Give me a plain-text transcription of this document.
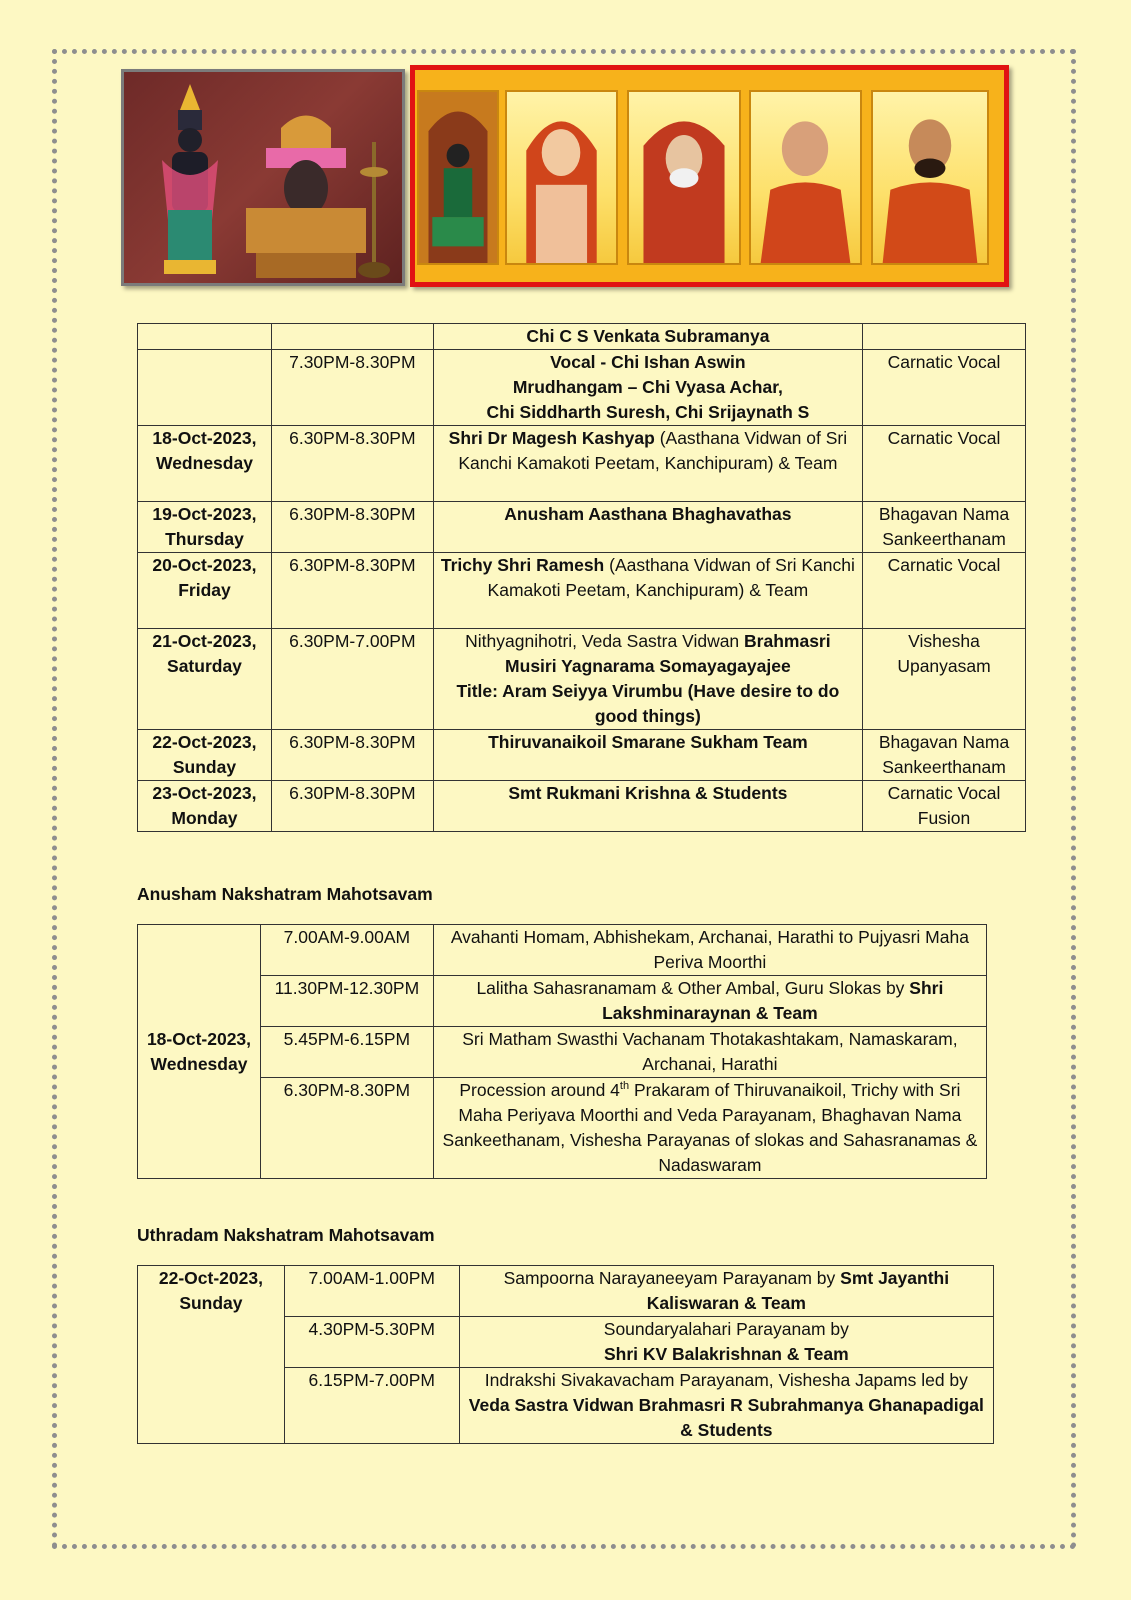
		Chi C S Venkata Subramanya	
	7.30PM-8.30PM	Vocal - Chi Ishan Aswin
Mrudhangam – Chi Vyasa Achar,
Chi Siddharth Suresh, Chi Srijaynath S	Carnatic Vocal
18-Oct-2023,
Wednesday	6.30PM-8.30PM	Shri Dr Magesh Kashyap (Aasthana Vidwan of Sri Kanchi Kamakoti Peetam, Kanchipuram) & Team	Carnatic Vocal
19-Oct-2023,
Thursday	6.30PM-8.30PM	Anusham Aasthana Bhaghavathas	Bhagavan Nama Sankeerthanam
20-Oct-2023,
Friday	6.30PM-8.30PM	Trichy Shri Ramesh (Aasthana Vidwan of Sri Kanchi Kamakoti Peetam, Kanchipuram) & Team	Carnatic Vocal
21-Oct-2023,
Saturday	6.30PM-7.00PM	Nithyagnihotri, Veda Sastra Vidwan Brahmasri Musiri Yagnarama Somayagayajee
Title: Aram Seiyya Virumbu (Have desire to do good things)	Vishesha Upanyasam
22-Oct-2023,
Sunday	6.30PM-8.30PM	Thiruvanaikoil Smarane Sukham Team	Bhagavan Nama Sankeerthanam
23-Oct-2023,
Monday	6.30PM-8.30PM	Smt Rukmani Krishna & Students	Carnatic Vocal Fusion
Anusham Nakshatram Mahotsavam
18-Oct-2023, Wednesday	7.00AM-9.00AM	Avahanti Homam, Abhishekam, Archanai, Harathi to Pujyasri Maha Periva Moorthi
	11.30PM-12.30PM	Lalitha Sahasranamam & Other Ambal, Guru Slokas by Shri Lakshminaraynan & Team
	5.45PM-6.15PM	Sri Matham Swasthi Vachanam Thotakashtakam, Namaskaram, Archanai, Harathi
	6.30PM-8.30PM	Procession around 4th Prakaram of Thiruvanaikoil, Trichy with Sri Maha Periyava Moorthi and Veda Parayanam, Bhaghavan Nama Sankeethanam, Vishesha Parayanas of slokas and Sahasranamas & Nadaswaram
Uthradam Nakshatram Mahotsavam
22-Oct-2023, Sunday	7.00AM-1.00PM	Sampoorna Narayaneeyam Parayanam by Smt Jayanthi Kaliswaran & Team
	4.30PM-5.30PM	Soundaryalahari Parayanam by
Shri KV Balakrishnan & Team
	6.15PM-7.00PM	Indrakshi Sivakavacham Parayanam, Vishesha Japams led by Veda Sastra Vidwan Brahmasri R Subrahmanya Ghanapadigal & Students
